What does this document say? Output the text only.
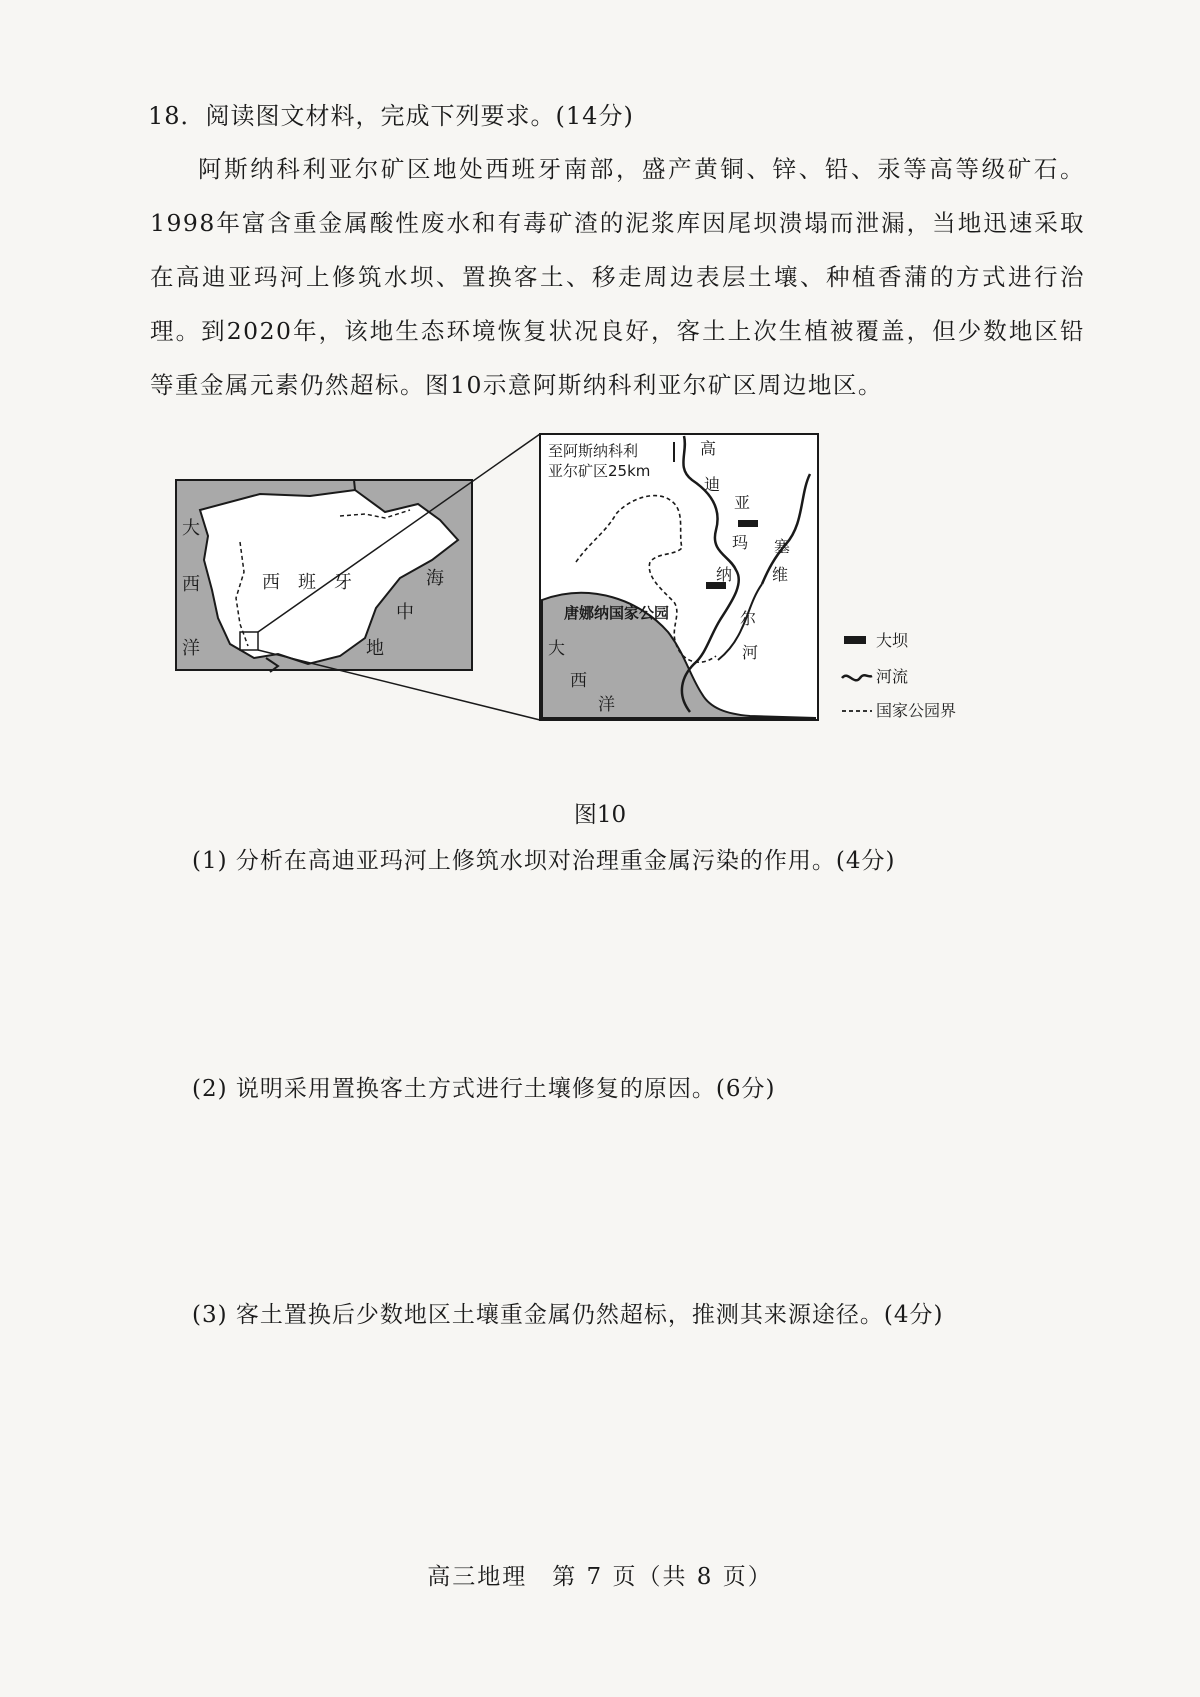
18．阅读图文材料，完成下列要求。(14分)
阿斯纳科利亚尔矿区地处西班牙南部，盛产黄铜、锌、铅、汞等高等级矿石。1998年富含重金属酸性废水和有毒矿渣的泥浆库因尾坝溃塌而泄漏，当地迅速采取在高迪亚玛河上修筑水坝、置换客土、移走周边表层土壤、种植香蒲的方式进行治理。到2020年，该地生态环境恢复状况良好，客土上次生植被覆盖，但少数地区铅等重金属元素仍然超标。图10示意阿斯纳科利亚尔矿区周边地区。
大
西
洋
西　班　牙	海
中
地
至阿斯纳科利
亚尔矿区25km
高
迪
亚
玛
纳
尔
河
塞
维
唐娜纳国家公园
大
西
洋
大坝
河流
国家公园界
图10
(1) 分析在高迪亚玛河上修筑水坝对治理重金属污染的作用。(4分)
(2) 说明采用置换客土方式进行土壤修复的原因。(6分)
(3) 客土置换后少数地区土壤重金属仍然超标，推测其来源途径。(4分)
高三地理　第 7 页（共 8 页）
